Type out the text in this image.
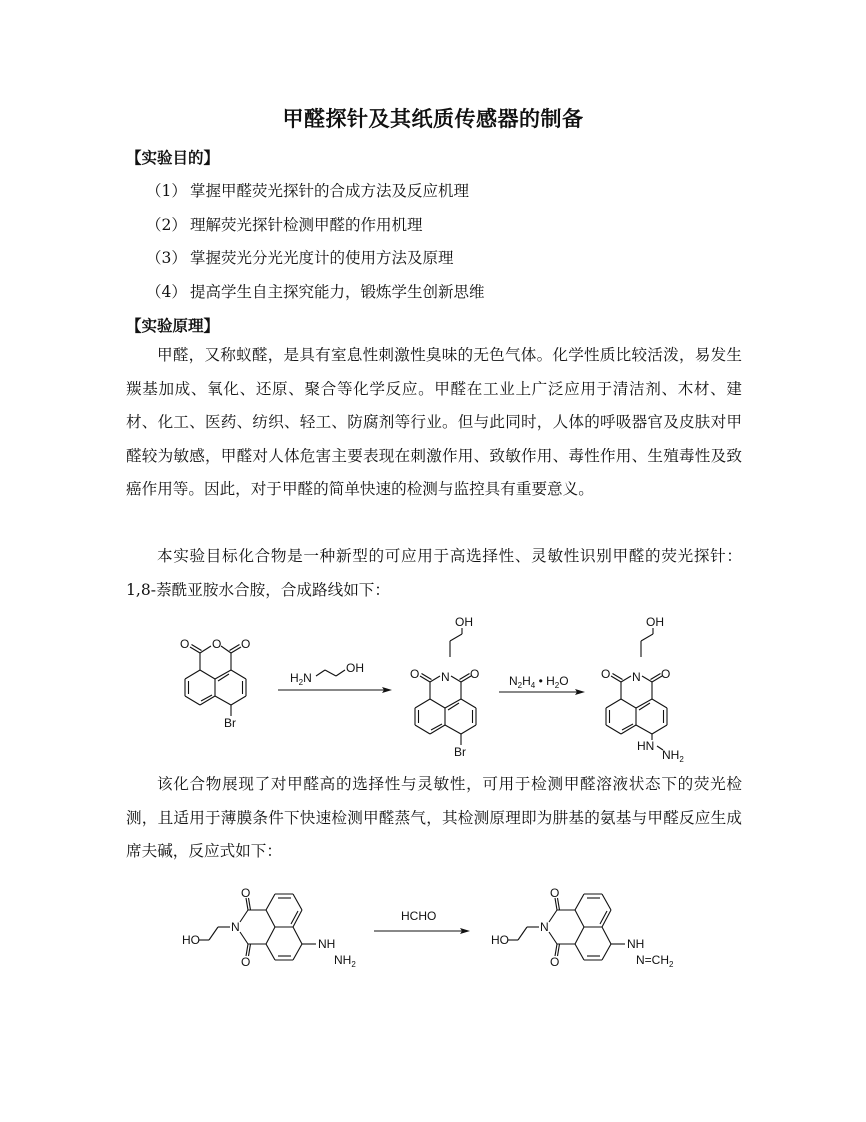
甲醛探针及其纸质传感器的制备
【实验目的】
（1） 掌握甲醛荧光探针的合成方法及反应机理
（2） 理解荧光探针检测甲醛的作用机理
（3） 掌握荧光分光光度计的使用方法及原理
（4） 提高学生自主探究能力，锻炼学生创新思维
【实验原理】
甲醛，又称蚁醛，是具有室息性刺激性臭味的无色气体。化学性质比较活泼，易发生羰基加成、氧化、还原、聚合等化学反应。甲醛在工业上广泛应用于清洁剂、木材、建材、化工、医药、纺织、轻工、防腐剂等行业。但与此同时，人体的呼吸器官及皮肤对甲醛较为敏感，甲醛对人体危害主要表现在刺激作用、致敏作用、毒性作用、生殖毒性及致癌作用等。因此，对于甲醛的简单快速的检测与监控具有重要意义。
本实验目标化合物是一种新型的可应用于高选择性、灵敏性识别甲醛的荧光探针：1,8-萘酰亚胺水合胺，合成路线如下：
该化合物展现了对甲醛高的选择性与灵敏性，可用于检测甲醛溶液状态下的荧光检测，且适用于薄膜条件下快速检测甲醛蒸气，其检测原理即为肼基的氨基与甲醛反应生成席夫碱，反应式如下：
O O O
Br
$H_2N$
OH
OH
N
O	O
Br
$N_2H_4$ • $H_2O$
OH
N
O	O
HN
$NH_2$
HO
N
O
O
NH
$NH_2$
HCHO
HO
N
O
O
NH
$N=CH_2$
